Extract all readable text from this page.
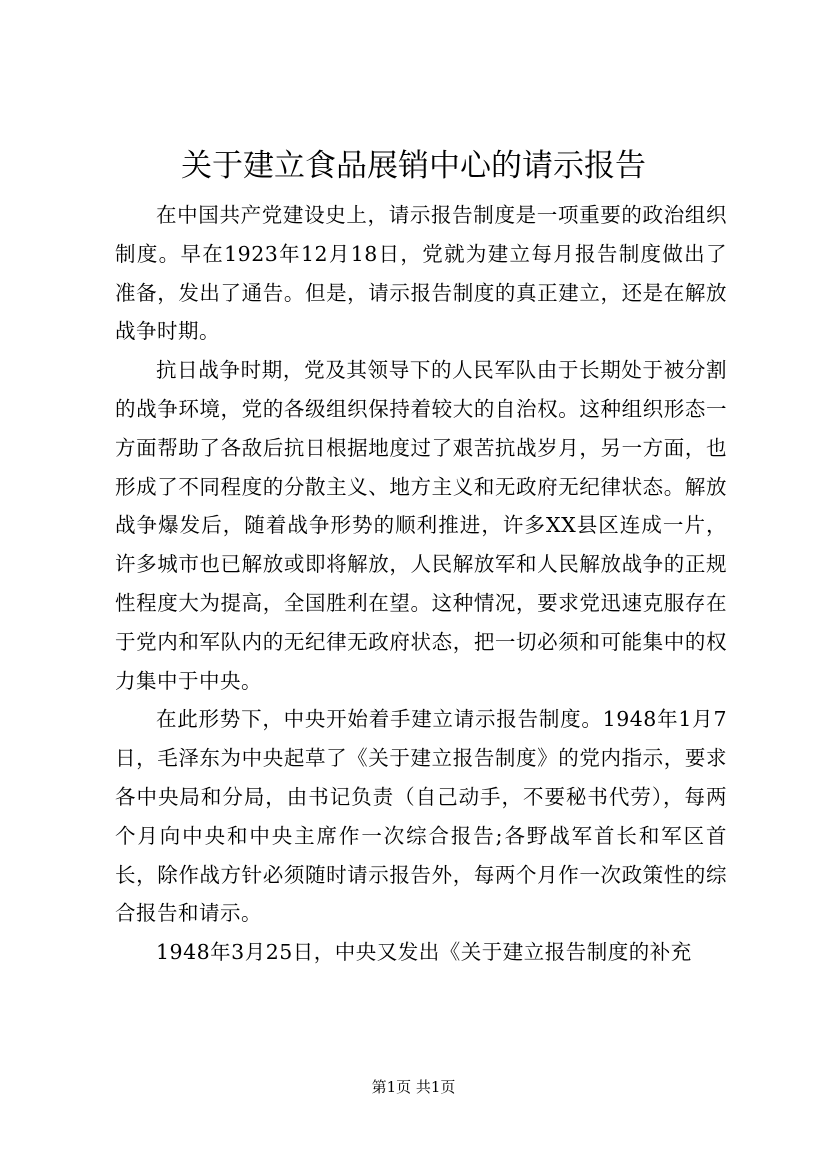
关于建立食品展销中心的请示报告

在中国共产党建设史上，请示报告制度是一项重要的政治组织制度。早在1923年12月18日，党就为建立每月报告制度做出了准备，发出了通告。但是，请示报告制度的真正建立，还是在解放战争时期。

抗日战争时期，党及其领导下的人民军队由于长期处于被分割的战争环境，党的各级组织保持着较大的自治权。这种组织形态一方面帮助了各敌后抗日根据地度过了艰苦抗战岁月，另一方面，也形成了不同程度的分散主义、地方主义和无政府无纪律状态。解放战争爆发后，随着战争形势的顺利推进，许多XX县区连成一片，许多城市也已解放或即将解放，人民解放军和人民解放战争的正规性程度大为提高，全国胜利在望。这种情况，要求党迅速克服存在于党内和军队内的无纪律无政府状态，把一切必须和可能集中的权力集中于中央。

在此形势下，中央开始着手建立请示报告制度。1948年1月7日，毛泽东为中央起草了《关于建立报告制度》的党内指示，要求各中央局和分局，由书记负责（自己动手，不要秘书代劳），每两个月向中央和中央主席作一次综合报告;各野战军首长和军区首长，除作战方针必须随时请示报告外，每两个月作一次政策性的综合报告和请示。

1948年3月25日，中央又发出《关于建立报告制度的补充

第1页 共1页
